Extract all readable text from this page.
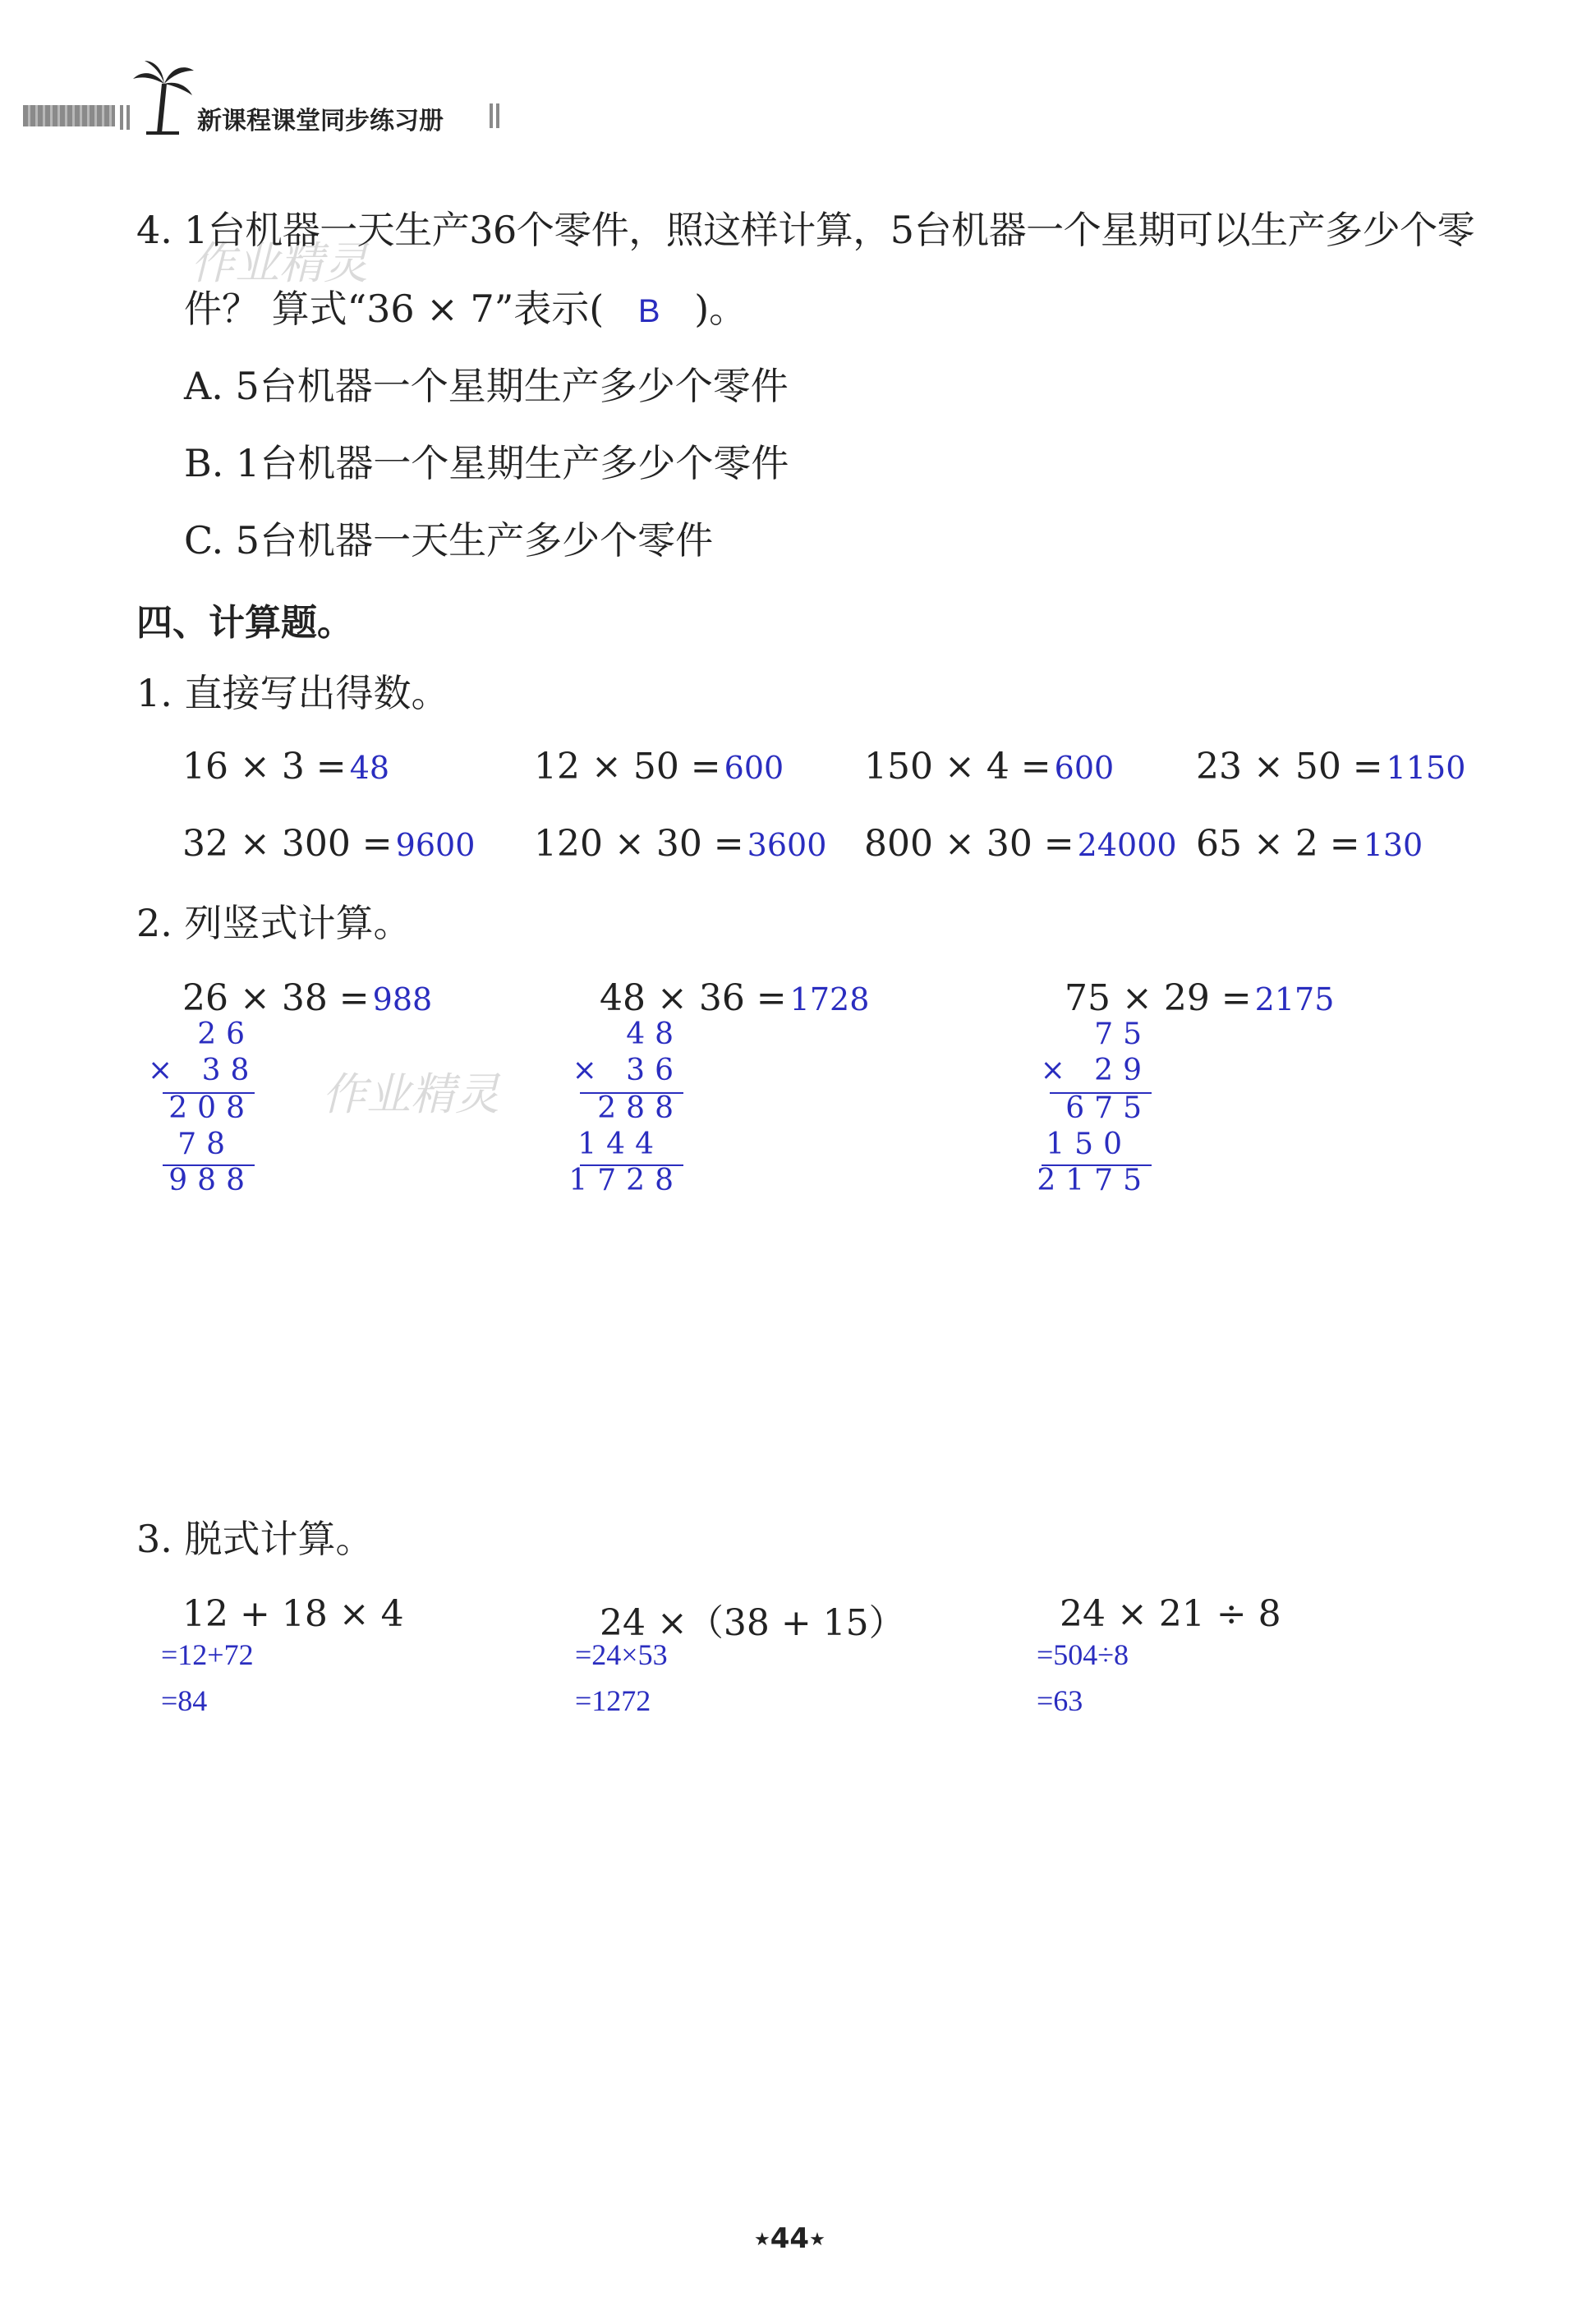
新课程课堂同步练习册
作业精灵
作业精灵
4. 1台机器一天生产36个零件，照这样计算，5台机器一个星期可以生产多少个零
件？ 算式“36 × 7”表示( B )。
A. 5台机器一个星期生产多少个零件
B. 1台机器一个星期生产多少个零件
C. 5台机器一天生产多少个零件
四、计算题。
1. 直接写出得数。
16 × 3 = 48	12 × 50 = 600 150 × 4 = 600 23 × 50 = 1150
32 × 300 = 9600 120 × 30 = 3600 800 × 30 = 24000 65 × 2 = 130
2. 列竖式计算。
26 × 38 = 988
26
× 38
208
78
988
48 × 36 = 1728
48
× 36
288
144
1728
75 × 29 = 2175
75
× 29
675
150
2175
3. 脱式计算。
12 + 18 × 4
=12+72
=84
24 ×（38 + 15）
=24×53
=1272
24 × 21 ÷ 8
=504÷8
=63
★44★
